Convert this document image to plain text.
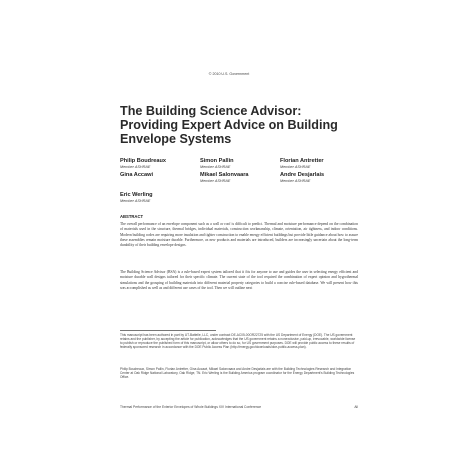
© 2010 U.S. Government
The Building Science Advisor: Providing Expert Advice on Building Envelope Systems
Philip Boudreaux
Member ASHRAE
Simon Pallin
Member ASHRAE
Florian Antretter
Member ASHRAE
Gina Accawi	Mikael Salonvaara
Member ASHRAE
Andre Desjarlais
Member ASHRAE
Eric Werling
Member ASHRAE
ABSTRACT
The overall performance of an envelope component such as a wall or roof is difficult to predict. Thermal and moisture performance depend on the combination of materials used in the structure, thermal bridges, individual materials, construction workmanship, climate, orientation, air tightness, and indoor conditions. Modern building codes are requiring more insulation and tighter construction to enable energy efficient buildings but provide little guidance about how to assure these assemblies remain moisture durable. Furthermore, as new products and materials are introduced, builders are increasingly uncertain about the long-term durability of their building envelope designs.
The Building Science Advisor (BSA) is a rule-based expert system tailored that it fits for anyone to use and guides the user in selecting energy efficient and moisture durable wall designs tailored for their specific climate. The current state of the tool required the combination of expert opinion and hygrothermal simulations and the grouping of building materials into different material property categories to build a concise rule-based database. We will present how this was accomplished as well as and different use cases of the tool. Then we will outline next
This manuscript has been authored in part by UT-Battelle, LLC, under contract DE-AC05-00OR22725 with the US Department of Energy (DOE). The US government retains and the publisher, by accepting the article for publication, acknowledges that the US government retains a nonexclusive, paid-up, irrevocable, worldwide license to publish or reproduce the published form of this manuscript, or allow others to do so, for US government purposes. DOE will provide public access to these results of federally sponsored research in accordance with the DOE Public Access Plan (http://energy.gov/downloads/doe-public-access-plan).
Philip Boudreaux, Simon Pallin, Florian Antretter, Gina Accawi, Mikael Salonvaara and Andre Desjarlais are with the Building Technologies Research and Integration Center at Oak Ridge National Laboratory, Oak Ridge, TN. Eric Werling is the Building America program coordinator for the Energy Department's Building Technologies Office.
Thermal Performance of the Exterior Envelopes of Whole Buildings XIV International Conference	All
